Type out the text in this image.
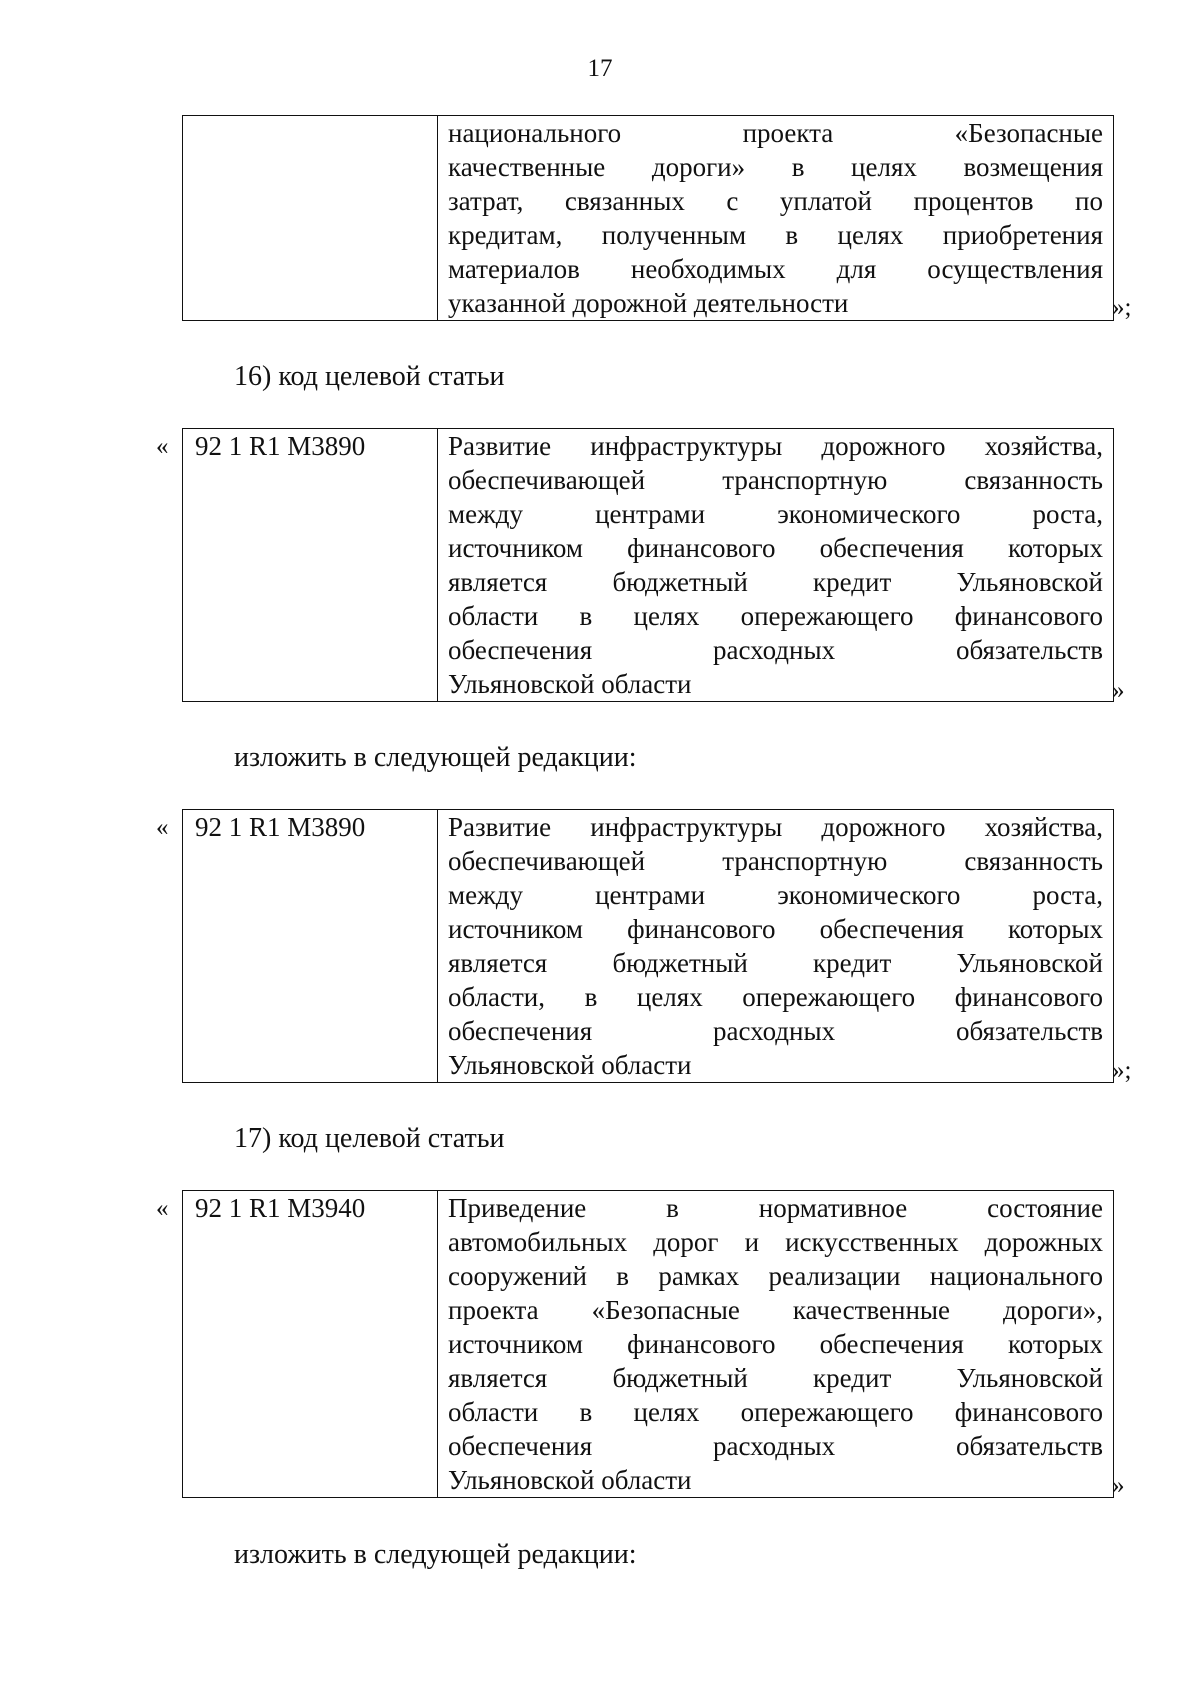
17

национального проекта «Безопасные
качественные дороги» в целях возмещения
затрат, связанных с уплатой процентов по
кредитам, полученным в целях приобретения
материалов необходимых для осуществления
указанной дорожной деятельности	»;
16) код целевой статьи
« 92 1 R1 M3890	Развитие инфраструктуры дорожного хозяйства,
обеспечивающей транспортную связанность
между центрами экономического роста,
источником финансового обеспечения которых
является бюджетный кредит Ульяновской
области в целях опережающего финансового
обеспечения расходных обязательств
Ульяновской области	»
изложить в следующей редакции:
« 92 1 R1 M3890	Развитие инфраструктуры дорожного хозяйства,
обеспечивающей транспортную связанность
между центрами экономического роста,
источником финансового обеспечения которых
является бюджетный кредит Ульяновской
области, в целях опережающего финансового
обеспечения расходных обязательств
Ульяновской области	»;
17) код целевой статьи
« 92 1 R1 M3940	Приведение в нормативное состояние
автомобильных дорог и искусственных дорожных
сооружений в рамках реализации национального
проекта «Безопасные качественные дороги»,
источником финансового обеспечения которых
является бюджетный кредит Ульяновской
области в целях опережающего финансового
обеспечения расходных обязательств
Ульяновской области	»
изложить в следующей редакции:
